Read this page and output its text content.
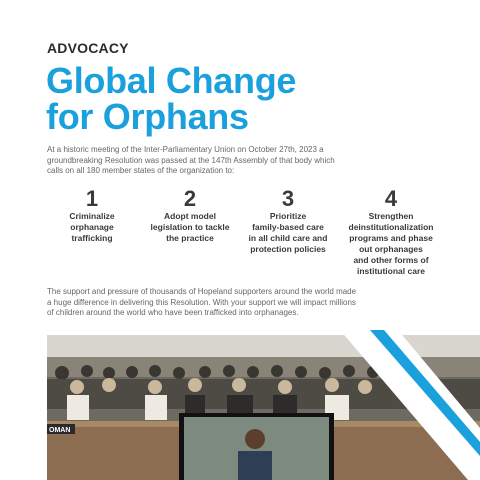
ADVOCACY
Global Change
for Orphans

At a historic meeting of the Inter-Parliamentary Union on October 27th, 2023 a groundbreaking Resolution was passed at the 147th Assembly of that body which calls on all 180 member states of the organization to:

1
Criminalize
orphanage
trafficking
2
Adopt model
legislation to tackle
the practice
3
Prioritize
family-based care
in all child care and
protection policies
4
Strengthen
deinstitutionalization
programs and phase
out orphanages
and other forms of
institutional care

The support and pressure of thousands of Hopeland supporters around the world made a huge difference in delivering this Resolution. With your support we will impact millions of children around the world who have been trafficked into orphanages.

OMAN
